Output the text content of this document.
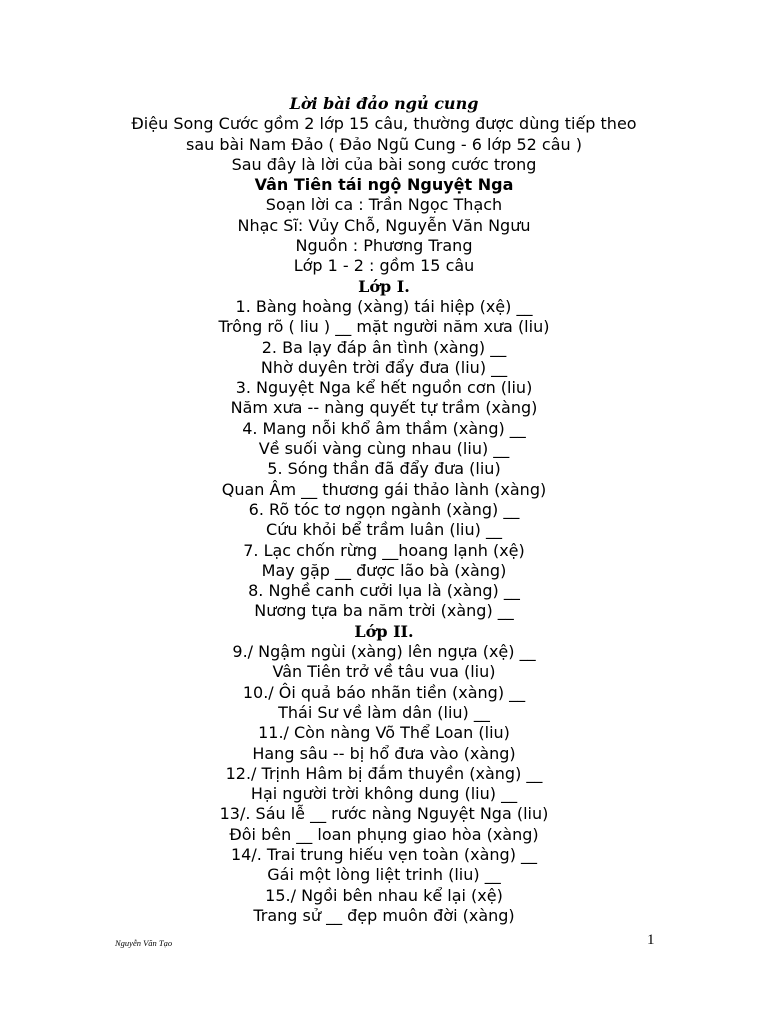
Lời bài đảo ngủ cung
Điệu Song Cước gồm 2 lớp 15 câu, thường được dùng tiếp theo
sau bài Nam Đảo ( Đảo Ngũ Cung - 6 lớp 52 câu )
Sau đây là lời của bài song cước trong
Vân Tiên tái ngộ Nguyệt Nga
Soạn lời ca : Trần Ngọc Thạch
Nhạc Sĩ: Vủy Chỗ, Nguyễn Văn Ngưu
Nguồn : Phương Trang
Lớp 1 - 2 : gồm 15 câu
Lớp I.
1. Bàng hoàng (xàng) tái hiệp (xệ) __
Trông rõ ( liu ) __ mặt người năm xưa (liu)
2. Ba lạy đáp ân tình (xàng) __
Nhờ duyên trời đẩy đưa (liu) __
3. Nguyệt Nga kể hết nguồn cơn (liu)
Năm xưa -- nàng quyết tự trầm (xàng)
4. Mang nỗi khổ âm thầm (xàng) __
Về suối vàng cùng nhau (liu) __
5. Sóng thần đã đẩy đưa (liu)
Quan Âm __ thương gái thảo lành (xàng)
6. Rõ tóc tơ ngọn ngành (xàng) __
Cứu khỏi bể trầm luân (liu) __
7. Lạc chốn rừng __hoang lạnh (xệ)
May gặp __ được lão bà (xàng)
8. Nghề canh cưởi lụa là (xàng) __
Nương tựa ba năm trời (xàng) __
Lớp II.
9./ Ngậm ngùi (xàng) lên ngựa (xệ) __
Vân Tiên trở về tâu vua (liu)
10./ Ôi quả báo nhãn tiền (xàng) __
Thái Sư về làm dân (liu) __
11./ Còn nàng Võ Thể Loan (liu)
Hang sâu -- bị hổ đưa vào (xàng)
12./ Trịnh Hâm bị đắm thuyền (xàng) __
Hại người trời không dung (liu) __
13/. Sáu lễ __ rước nàng Nguyệt Nga (liu)
Đôi bên __ loan phụng giao hòa (xàng)
14/. Trai trung hiếu vẹn toàn (xàng) __
Gái một lòng liệt trinh (liu) __
15./ Ngồi bên nhau kể lại (xệ)
Trang sử __ đẹp muôn đời (xàng)
Nguyễn Văn Tạo	1
